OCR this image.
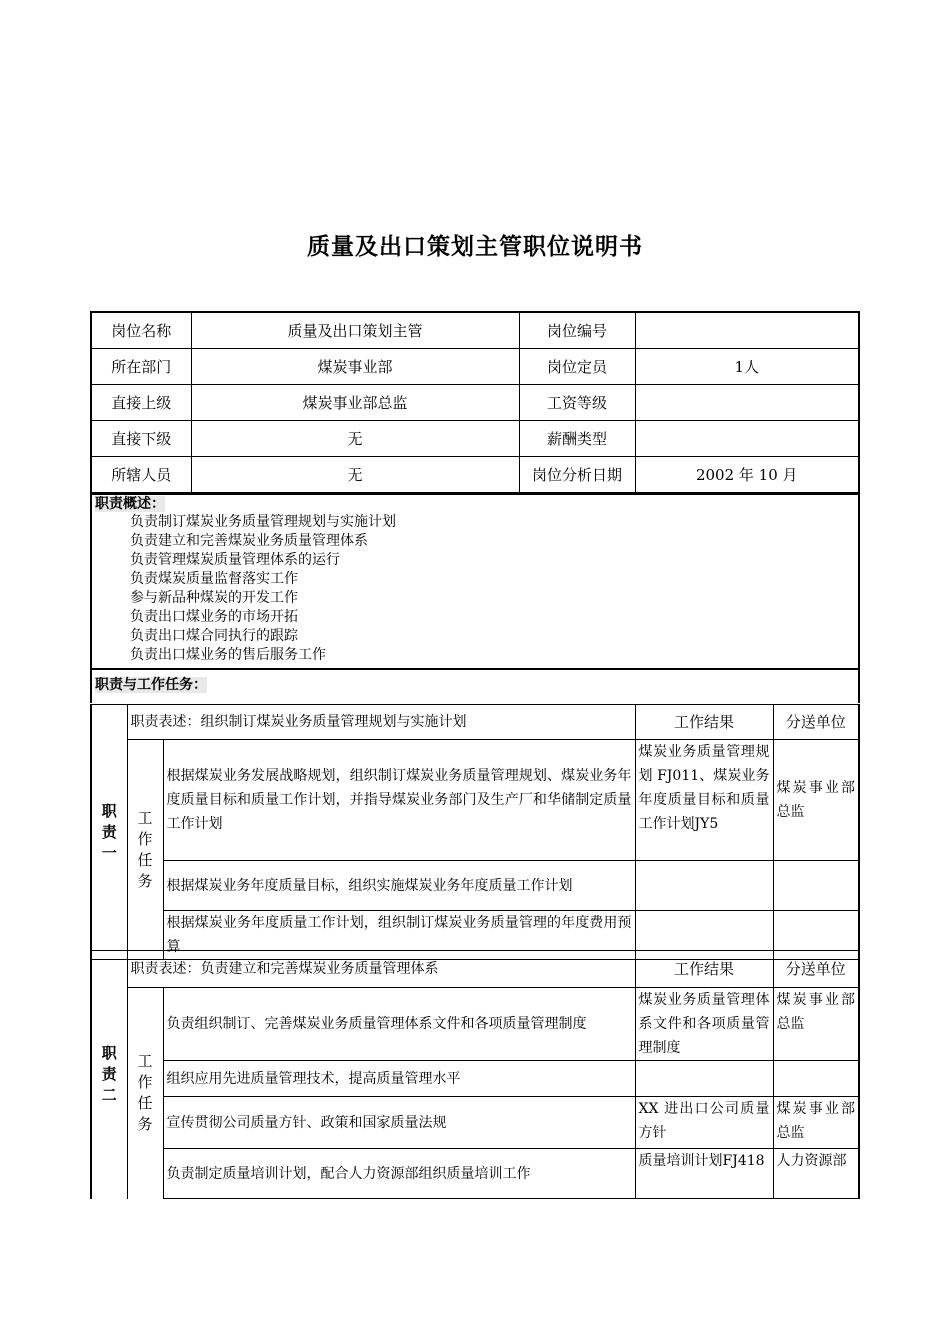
质量及出口策划主管职位说明书
岗位名称	质量及出口策划主管	岗位编号	
所在部门	煤炭事业部	岗位定员	1人
直接上级	煤炭事业部总监	工资等级	
直接下级	无	薪酬类型	
所辖人员	无	岗位分析日期	2002 年 10 月
职责概述：
负责制订煤炭业务质量管理规划与实施计划
负责建立和完善煤炭业务质量管理体系
负责管理煤炭质量管理体系的运行
负责煤炭质量监督落实工作
参与新品种煤炭的开发工作
负责出口煤业务的市场开拓
负责出口煤合同执行的跟踪
负责出口煤业务的售后服务工作
职责与工作任务：
职
责
一	职责表述：组织制订煤炭业务质量管理规划与实施计划		工作结果	分送单位
	工
作
任
务	根据煤炭业务发展战略规划，组织制订煤炭业务质量管理规划、煤炭业务年度质量目标和质量工作计划，并指导煤炭业务部门及生产厂和华储制定质量工作计划	煤炭业务质量管理规划 FJ011、煤炭业务年度质量目标和质量工作计划JY5	煤炭事业部总监
		根据煤炭业务年度质量目标，组织实施煤炭业务年度质量工作计划		
		根据煤炭业务年度质量工作计划，组织制订煤炭业务质量管理的年度费用预算		
职
责
二	职责表述：负责建立和完善煤炭业务质量管理体系		工作结果	分送单位
	工
作
任
务	负责组织制订、完善煤炭业务质量管理体系文件和各项质量管理制度	煤炭业务质量管理体系文件和各项质量管理制度	煤炭事业部总监
		组织应用先进质量管理技术，提高质量管理水平		
		宣传贯彻公司质量方针、政策和国家质量法规	XX 进出口公司质量方针	煤炭事业部总监
		负责制定质量培训计划，配合人力资源部组织质量培训工作	质量培训计划FJ418	人力资源部
